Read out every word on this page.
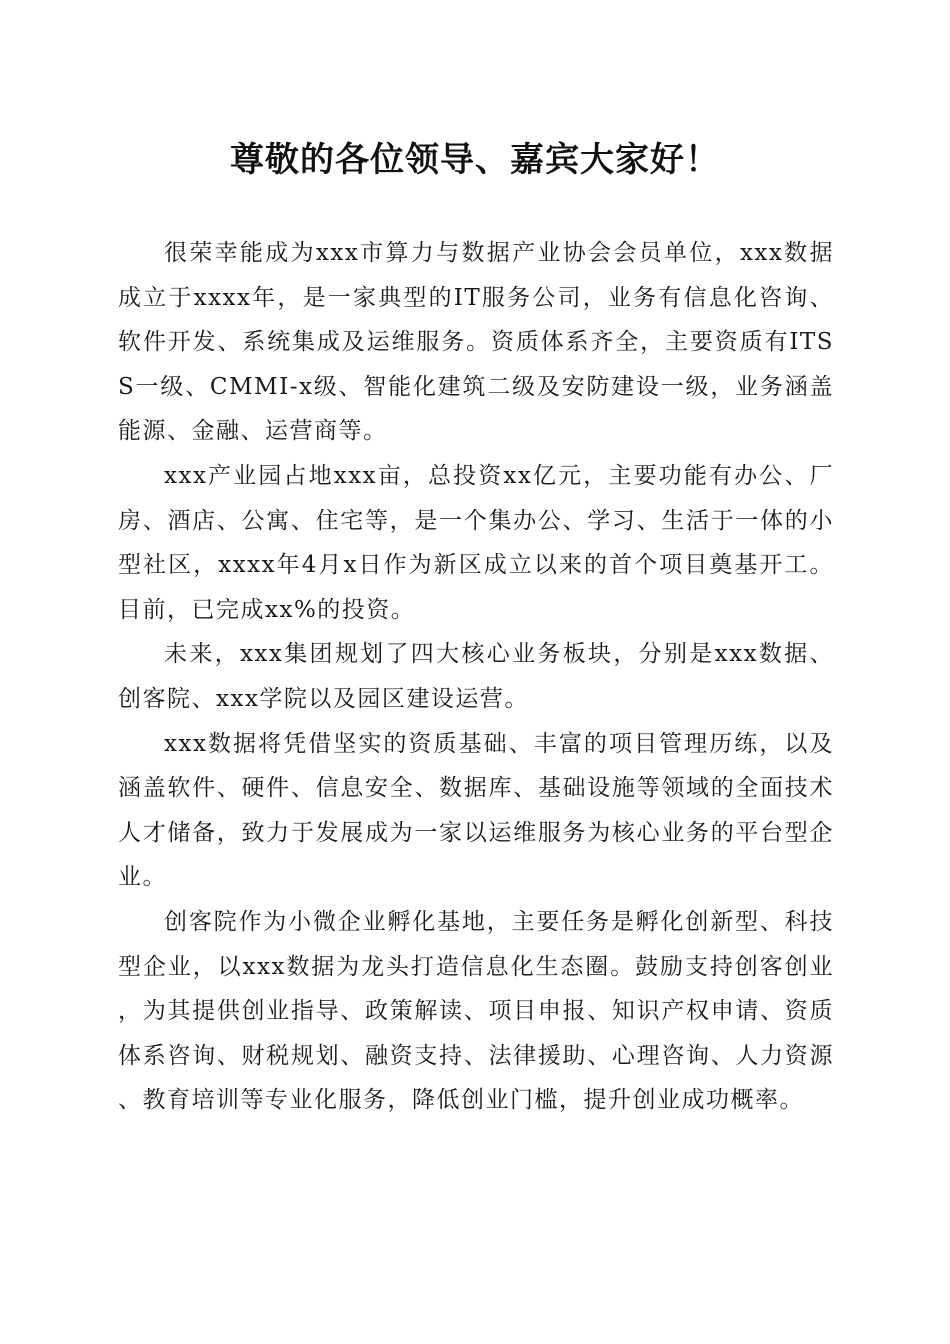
尊敬的各位领导、嘉宾大家好！

很荣幸能成为xxx市算力与数据产业协会会员单位，xxx数据成立于xxxx年，是一家典型的IT服务公司，业务有信息化咨询、软件开发、系统集成及运维服务。资质体系齐全，主要资质有ITSS一级、CMMI-x级、智能化建筑二级及安防建设一级，业务涵盖能源、金融、运营商等。

xxx产业园占地xxx亩，总投资xx亿元，主要功能有办公、厂房、酒店、公寓、住宅等，是一个集办公、学习、生活于一体的小型社区，xxxx年4月x日作为新区成立以来的首个项目奠基开工。目前，已完成xx%的投资。

未来，xxx集团规划了四大核心业务板块，分别是xxx数据、创客院、xxx学院以及园区建设运营。

xxx数据将凭借坚实的资质基础、丰富的项目管理历练，以及涵盖软件、硬件、信息安全、数据库、基础设施等领域的全面技术人才储备，致力于发展成为一家以运维服务为核心业务的平台型企业。

创客院作为小微企业孵化基地，主要任务是孵化创新型、科技型企业，以xxx数据为龙头打造信息化生态圈。鼓励支持创客创业，为其提供创业指导、政策解读、项目申报、知识产权申请、资质体系咨询、财税规划、融资支持、法律援助、心理咨询、人力资源、教育培训等专业化服务，降低创业门槛，提升创业成功概率。
